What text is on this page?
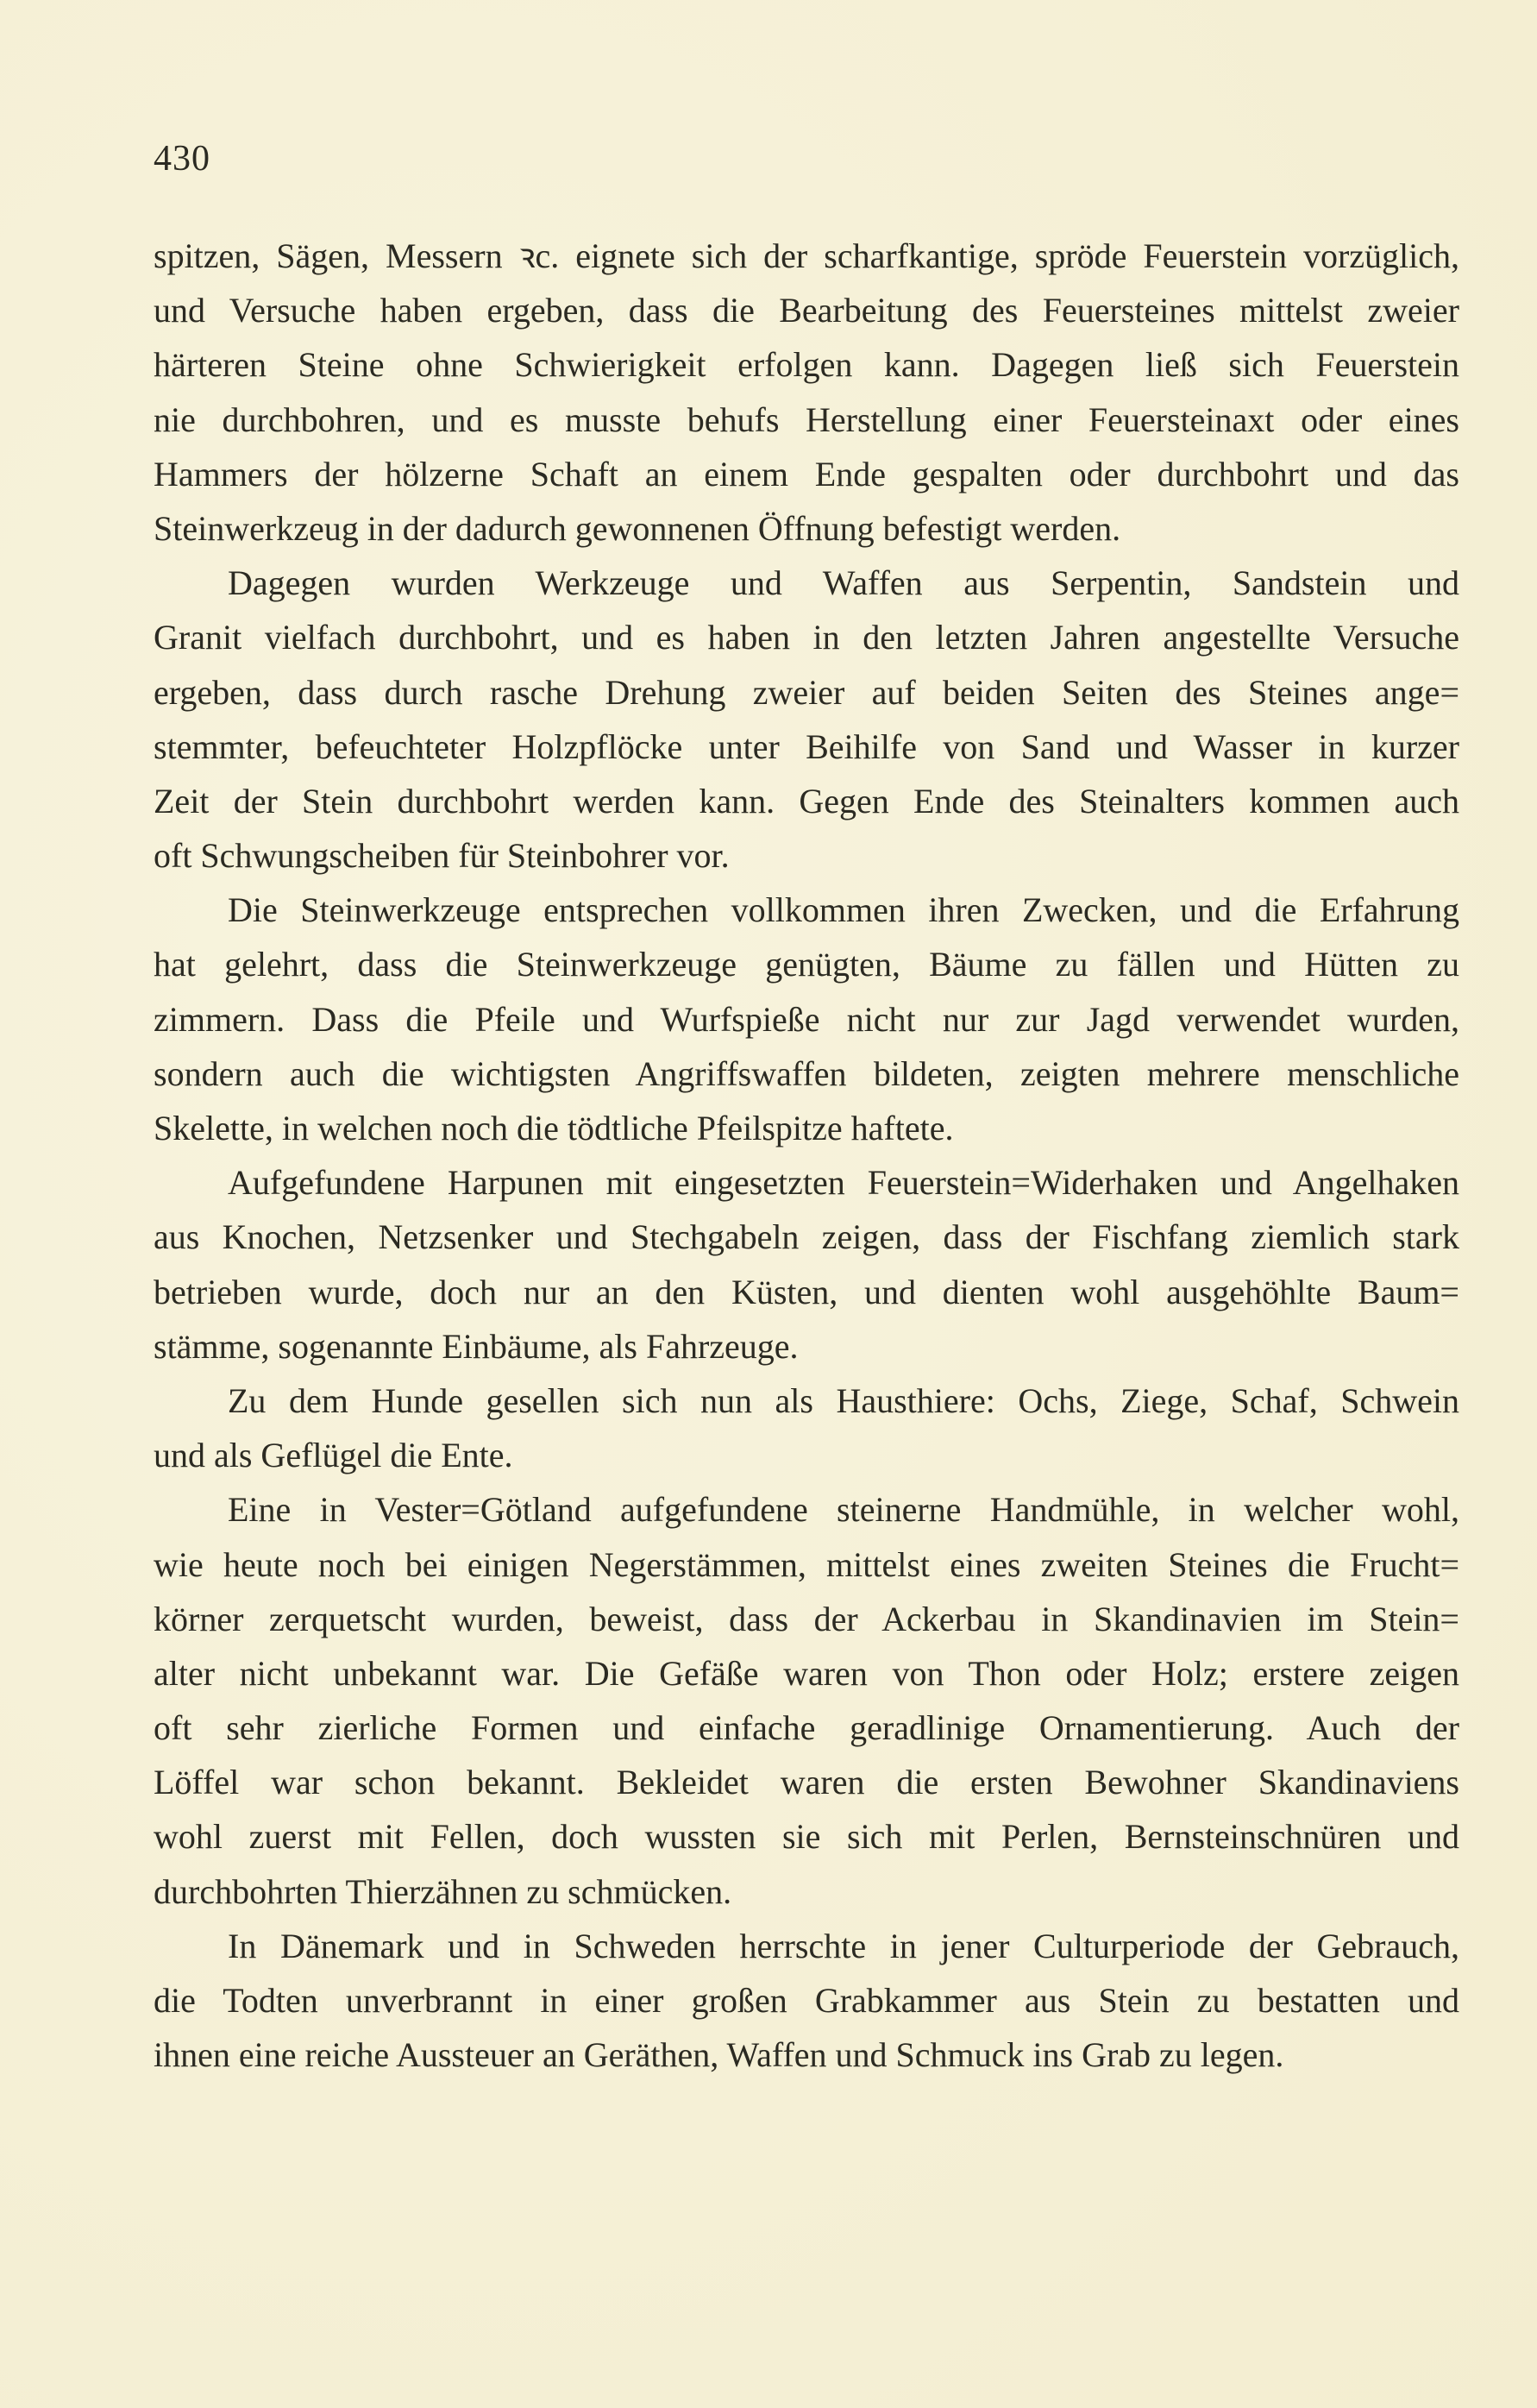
430
spitzen, Sägen, Messern ꝛc. eignete sich der scharfkantige, spröde Feuerstein vorzüglich,
und Versuche haben ergeben, dass die Bearbeitung des Feuersteines mittelst zweier
härteren Steine ohne Schwierigkeit erfolgen kann. Dagegen ließ sich Feuerstein
nie durchbohren, und es musste behufs Herstellung einer Feuersteinaxt oder eines
Hammers der hölzerne Schaft an einem Ende gespalten oder durchbohrt und das
Steinwerkzeug in der dadurch gewonnenen Öffnung befestigt werden.
Dagegen wurden Werkzeuge und Waffen aus Serpentin, Sandstein und
Granit vielfach durchbohrt, und es haben in den letzten Jahren angestellte Versuche
ergeben, dass durch rasche Drehung zweier auf beiden Seiten des Steines ange=
stemmter, befeuchteter Holzpflöcke unter Beihilfe von Sand und Wasser in kurzer
Zeit der Stein durchbohrt werden kann. Gegen Ende des Steinalters kommen auch
oft Schwungscheiben für Steinbohrer vor.
Die Steinwerkzeuge entsprechen vollkommen ihren Zwecken, und die Erfahrung
hat gelehrt, dass die Steinwerkzeuge genügten, Bäume zu fällen und Hütten zu
zimmern. Dass die Pfeile und Wurfspieße nicht nur zur Jagd verwendet wurden,
sondern auch die wichtigsten Angriffswaffen bildeten, zeigten mehrere menschliche
Skelette, in welchen noch die tödtliche Pfeilspitze haftete.
Aufgefundene Harpunen mit eingesetzten Feuerstein=Widerhaken und Angelhaken
aus Knochen, Netzsenker und Stechgabeln zeigen, dass der Fischfang ziemlich stark
betrieben wurde, doch nur an den Küsten, und dienten wohl ausgehöhlte Baum=
stämme, sogenannte Einbäume, als Fahrzeuge.
Zu dem Hunde gesellen sich nun als Hausthiere: Ochs, Ziege, Schaf, Schwein
und als Geflügel die Ente.
Eine in Vester=Götland aufgefundene steinerne Handmühle, in welcher wohl,
wie heute noch bei einigen Negerstämmen, mittelst eines zweiten Steines die Frucht=
körner zerquetscht wurden, beweist, dass der Ackerbau in Skandinavien im Stein=
alter nicht unbekannt war. Die Gefäße waren von Thon oder Holz; erstere zeigen
oft sehr zierliche Formen und einfache geradlinige Ornamentierung. Auch der
Löffel war schon bekannt. Bekleidet waren die ersten Bewohner Skandinaviens
wohl zuerst mit Fellen, doch wussten sie sich mit Perlen, Bernsteinschnüren und
durchbohrten Thierzähnen zu schmücken.
In Dänemark und in Schweden herrschte in jener Culturperiode der Gebrauch,
die Todten unverbrannt in einer großen Grabkammer aus Stein zu bestatten und
ihnen eine reiche Aussteuer an Geräthen, Waffen und Schmuck ins Grab zu legen.
